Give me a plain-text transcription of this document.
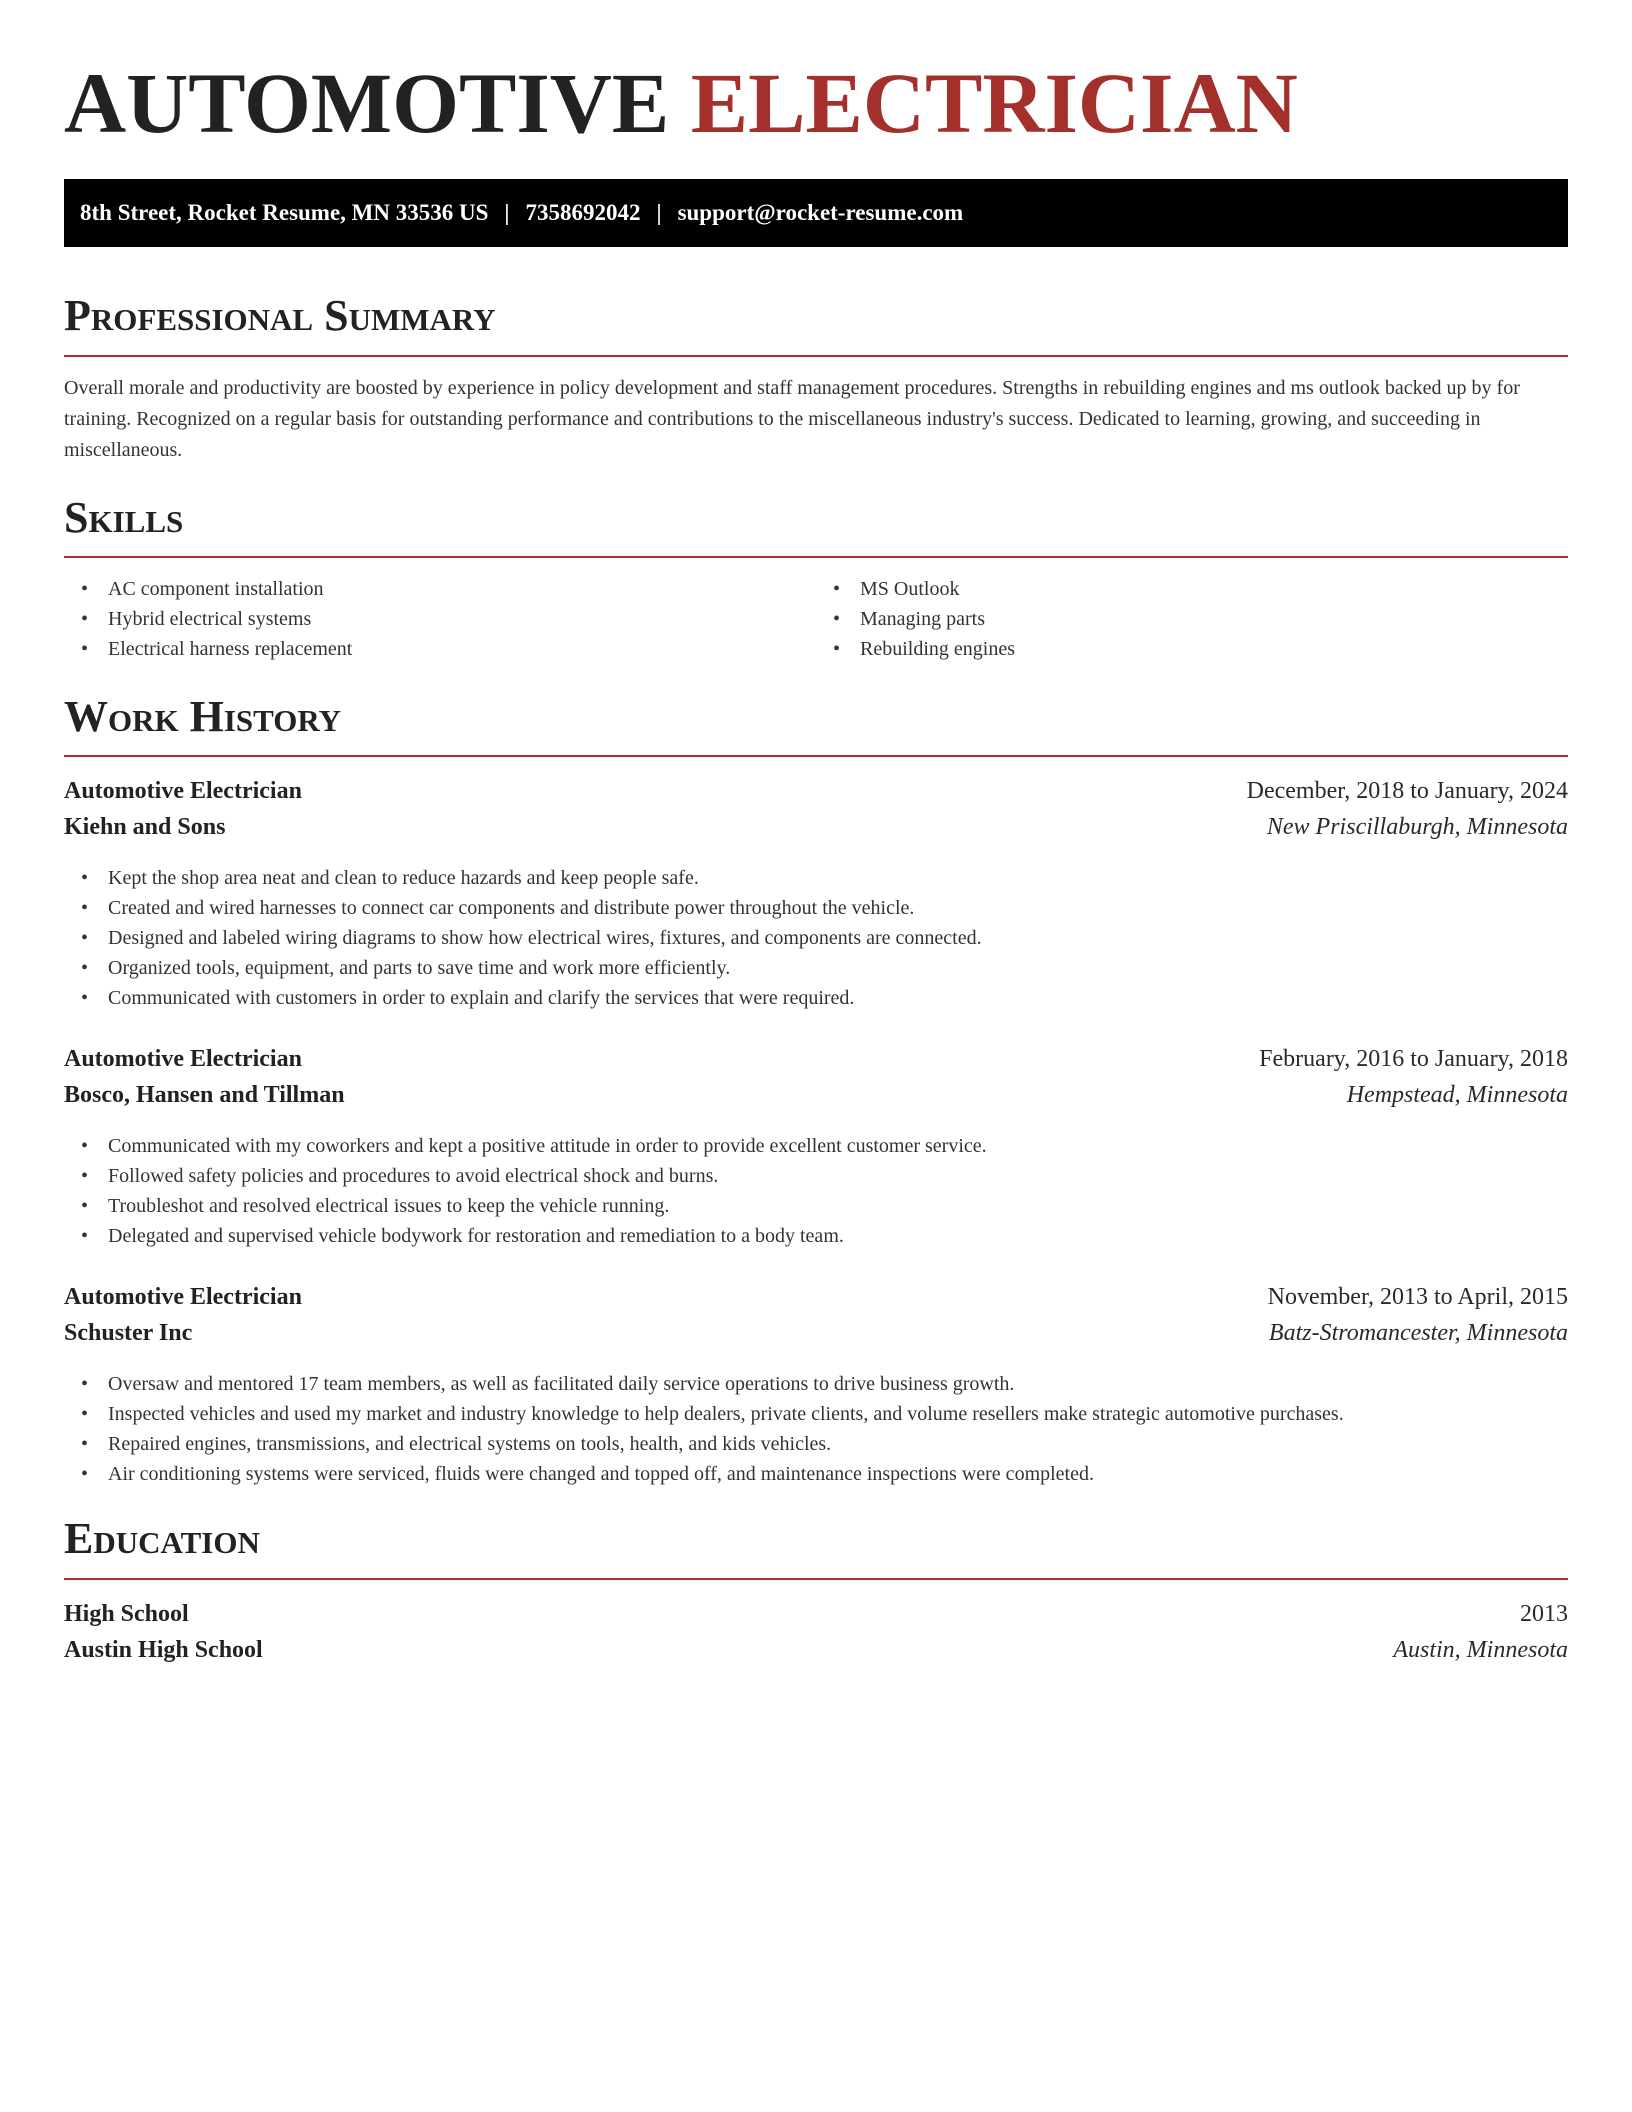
AUTOMOTIVE ELECTRICIAN
8th Street, Rocket Resume, MN 33536 US | 7358692042 | support@rocket-resume.com
Professional Summary

Overall morale and productivity are boosted by experience in policy development and staff management procedures. Strengths in rebuilding engines and ms outlook backed up by for training. Recognized on a regular basis for outstanding performance and contributions to the miscellaneous industry's success. Dedicated to learning, growing, and succeeding in miscellaneous.

Skills
• AC component installation
• Hybrid electrical systems
• Electrical harness replacement
• MS Outlook
• Managing parts
• Rebuilding engines
Work History
Automotive Electrician	December, 2018 to January, 2024
Kiehn and Sons	New Priscillaburgh, Minnesota
• Kept the shop area neat and clean to reduce hazards and keep people safe.
• Created and wired harnesses to connect car components and distribute power throughout the vehicle.
• Designed and labeled wiring diagrams to show how electrical wires, fixtures, and components are connected.
• Organized tools, equipment, and parts to save time and work more efficiently.
• Communicated with customers in order to explain and clarify the services that were required.
Automotive Electrician	February, 2016 to January, 2018
Bosco, Hansen and Tillman	Hempstead, Minnesota
• Communicated with my coworkers and kept a positive attitude in order to provide excellent customer service.
• Followed safety policies and procedures to avoid electrical shock and burns.
• Troubleshot and resolved electrical issues to keep the vehicle running.
• Delegated and supervised vehicle bodywork for restoration and remediation to a body team.
Automotive Electrician	November, 2013 to April, 2015
Schuster Inc	Batz-Stromancester, Minnesota
• Oversaw and mentored 17 team members, as well as facilitated daily service operations to drive business growth.
• Inspected vehicles and used my market and industry knowledge to help dealers, private clients, and volume resellers make strategic automotive purchases.
• Repaired engines, transmissions, and electrical systems on tools, health, and kids vehicles.
• Air conditioning systems were serviced, fluids were changed and topped off, and maintenance inspections were completed.
Education
High School	2013
Austin High School	Austin, Minnesota
